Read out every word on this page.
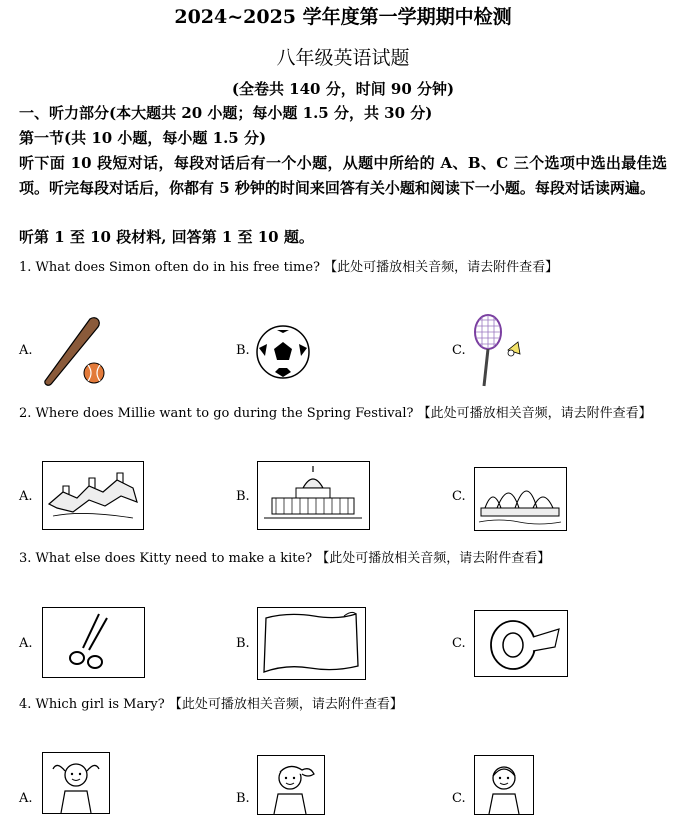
2024~2025 学年度第一学期期中检测
八年级英语试题
(全卷共 140 分，时间 90 分钟)
一、听力部分(本大题共 20 小题；每小题 1.5 分，共 30 分)
第一节(共 10 小题，每小题 1.5 分)
听下面 10 段短对话，每段对话后有一个小题，从题中所给的 A、B、C 三个选项中选出最佳选项。听完每段对话后，你都有 5 秒钟的时间来回答有关小题和阅读下一小题。每段对话读两遍。
听第 1 至 10 段材料, 回答第 1 至 10 题。
1. What does Simon often do in his free time? 【此处可播放相关音频，请去附件查看】
A.	B.	C.
2. Where does Millie want to go during the Spring Festival? 【此处可播放相关音频，请去附件查看】
A.	B.	C.
3. What else does Kitty need to make a kite? 【此处可播放相关音频，请去附件查看】
A.	B.	C.
4. Which girl is Mary? 【此处可播放相关音频，请去附件查看】
A.	B.	C.
